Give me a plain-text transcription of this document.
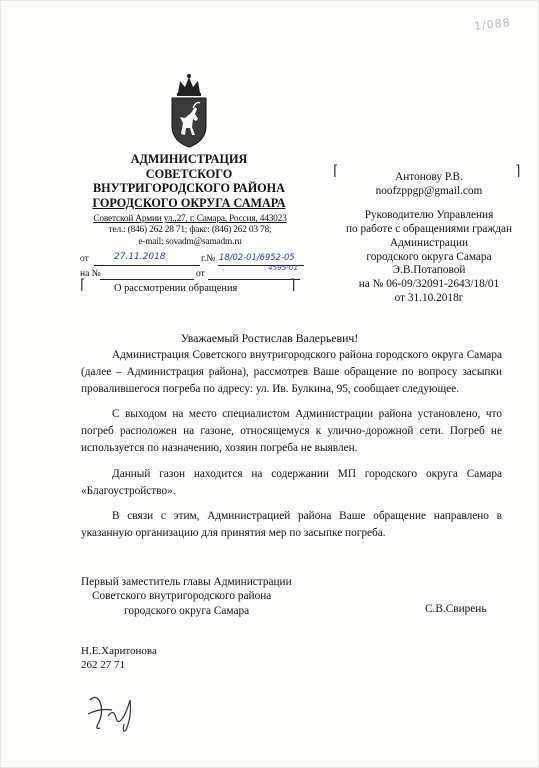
1/088
АДМИНИСТРАЦИЯ
СОВЕТСКОГО
ВНУТРИГОРОДСКОГО РАЙОНА
ГОРОДСКОГО ОКРУГА САМАРА
Советской Армии ул.,27, г. Самара, Россия, 443023
тел.: (846) 262 28 71; факс: (846) 262 03 78;
e-mail: sovadm@samadm.ru
от	27.11.2018	г.№ 18/02-01/6952-05
4595-01
на №	от
⌈	О рассмотрении обращения	⌉
⌈	⌉
Антонову Р.В.
noofzppgp@gmail.com
Руководителю Управления
по работе с обращениями граждан
Администрации
городского округа Самара
Э.В.Потаповой
на № 06-09/32091-2643/18/01
от 31.10.2018г
Уважаемый Ростислав Валерьевич!

Администрация Советского внутригородского района городского округа Самара (далее – Администрация района), рассмотрев Ваше обращение по вопросу засыпки провалившегося погреба по адресу: ул. Ив. Булкина, 95, сообщает следующее.

С выходом на место специалистом Администрации района установлено, что погреб расположен на газоне, относящемуся к улично-дорожной сети. Погреб не используется по назначению, хозяин погреба не выявлен.

Данный газон находится на содержании МП городского округа Самара «Благоустройство».

В связи с этим, Администрацией района Ваше обращение направлено в указанную организацию для принятия мер по засыпке погреба.

Первый заместитель главы Администрации
Советского внутригородского района
городского округа Самара	С.В.Свирень
Н.Е.Харитонова
262 27 71
